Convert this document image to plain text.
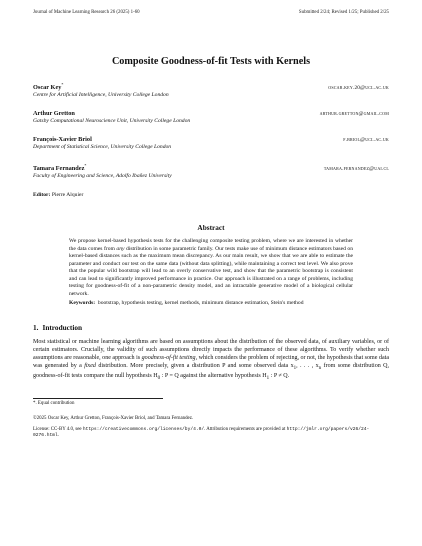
Journal of Machine Learning Research 26 (2025) 1-60	Submitted 2/24; Revised 1/25; Published 2/25
Composite Goodness-of-fit Tests with Kernels
Oscar Key*
oscar.key.20@ucl.ac.uk
Centre for Artificial Intelligence, University College London
Arthur Gretton	arthur.gretton@gmail.com
Gatsby Computational Neuroscience Unit, University College London
François-Xavier Briol	f.briol@ucl.ac.uk
Department of Statistical Science, University College London
Tamara Fernandez*
tamara.fernandez@uai.cl
Faculty of Engineering and Science, Adolfo Ibañez University
Editor: Pierre Alquier
Abstract
We propose kernel-based hypothesis tests for the challenging composite testing problem, where we are interested in whether the data comes from any distribution in some parametric family. Our tests make use of minimum distance estimators based on kernel-based distances such as the maximum mean discrepancy. As our main result, we show that we are able to estimate the parameter and conduct our test on the same data (without data splitting), while maintaining a correct test level. We also prove that the popular wild bootstrap will lead to an overly conservative test, and show that the parametric bootstrap is consistent and can lead to significantly improved performance in practice. Our approach is illustrated on a range of problems, including testing for goodness-of-fit of a non-parametric density model, and an intractable generative model of a biological cellular network.
Keywords: bootstrap, hypothesis testing, kernel methods, minimum distance estimation, Stein's method
1. Introduction
Most statistical or machine learning algorithms are based on assumptions about the distribution of the observed data, of auxiliary variables, or of certain estimators. Crucially, the validity of such assumptions directly impacts the performance of these algorithms. To verify whether such assumptions are reasonable, one approach is goodness-of-fit testing, which considers the problem of rejecting, or not, the hypothesis that some data was generated by a fixed distribution. More precisely, given a distribution P and some observed data $x_1$, . . . , $x_n$ from some distribution Q, goodness-of-fit tests compare the null hypothesis $H_0$ : P = Q against the alternative hypothesis $H_1$ : P ≠ Q.
*. Equal contribution
©2025 Oscar Key, Arthur Gretton, François-Xavier Briol, and Tamara Fernandez.
License: CC-BY 4.0, see https://creativecommons.org/licenses/by/4.0/. Attribution requirements are provided at http://jmlr.org/papers/v26/24-0276.html.
